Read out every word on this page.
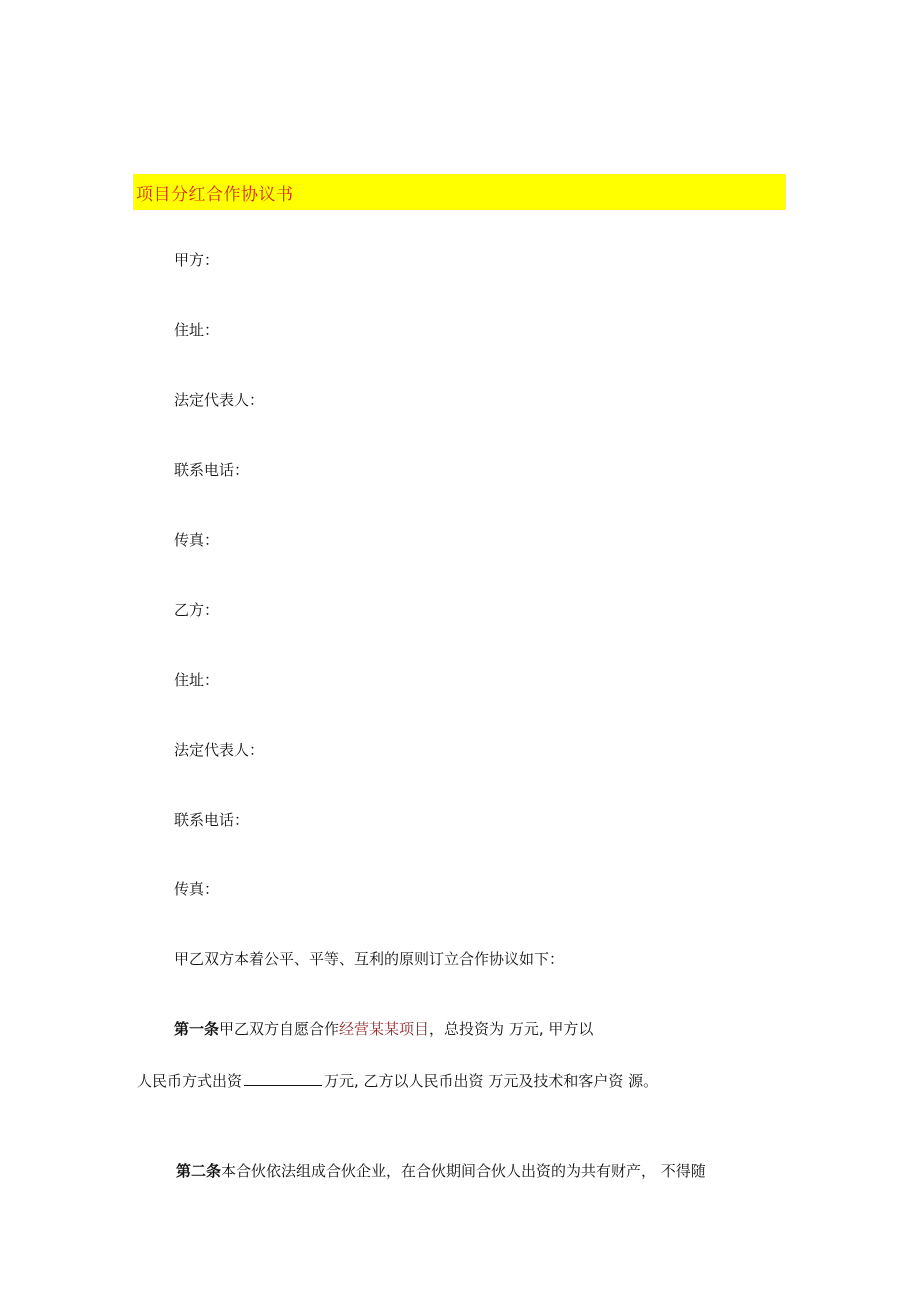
项目分红合作协议书
甲方：
住址：
法定代表人：
联系电话：
传真：
乙方：
住址：
法定代表人：
联系电话：
传真：
甲乙双方本着公平、平等、互利的原则订立合作协议如下：
第一条甲乙双方自愿合作经营某某项目，总投资为 万元, 甲方以
人民币方式出资	万元, 乙方以人民币出资 万元及技术和客户资 源。
第二条本合伙依法组成合伙企业，在合伙期间合伙人出资的为共有财产， 不得随
